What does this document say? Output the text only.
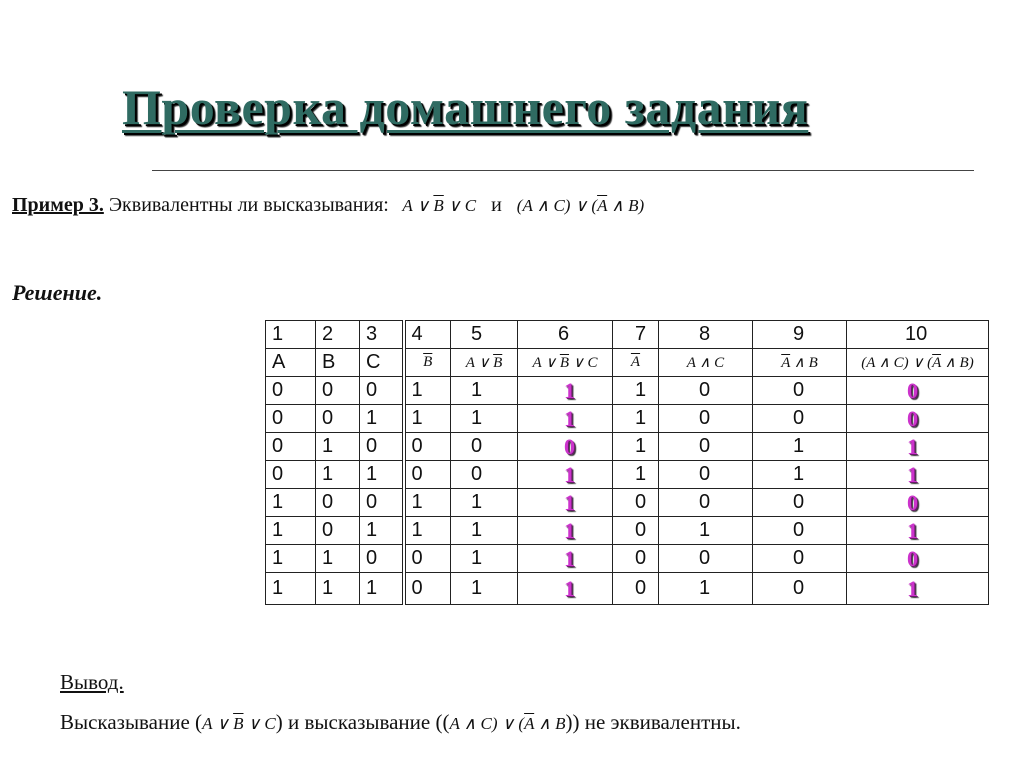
Проверка домашнего задания
Пример 3. Эквивалентны ли высказывания: A ∨ $\overline{B}$ ∨ C и (A ∧ C) ∨ ($\overline{A}$ ∧ B)
Решение.
1	2	3	4	5	6	7	8	9	10
A	B	C	$\overline{B}$	A ∨ $\overline{B}$	A ∨ $\overline{B}$ ∨ C	$\overline{A}$	A ∧ C	$\overline{A}$ ∧ B	(A ∧ C) ∨ ($\overline{A}$ ∧ B)
0	0	0	1	1	1	1	0	0	0
0	0	1	1	1	1	1	0	0	0
0	1	0	0	0	0	1	0	1	1
0	1	1	0	0	1	1	0	1	1
1	0	0	1	1	1	0	0	0	0
1	0	1	1	1	1	0	1	0	1
1	1	0	0	1	1	0	0	0	0
1	1	1	0	1	1	0	1	0	1
Вывод.
Высказывание (A ∨ $\overline{B}$ ∨ C) и высказывание ((A ∧ C) ∨ ($\overline{A}$ ∧ B)) не эквивалентны.
